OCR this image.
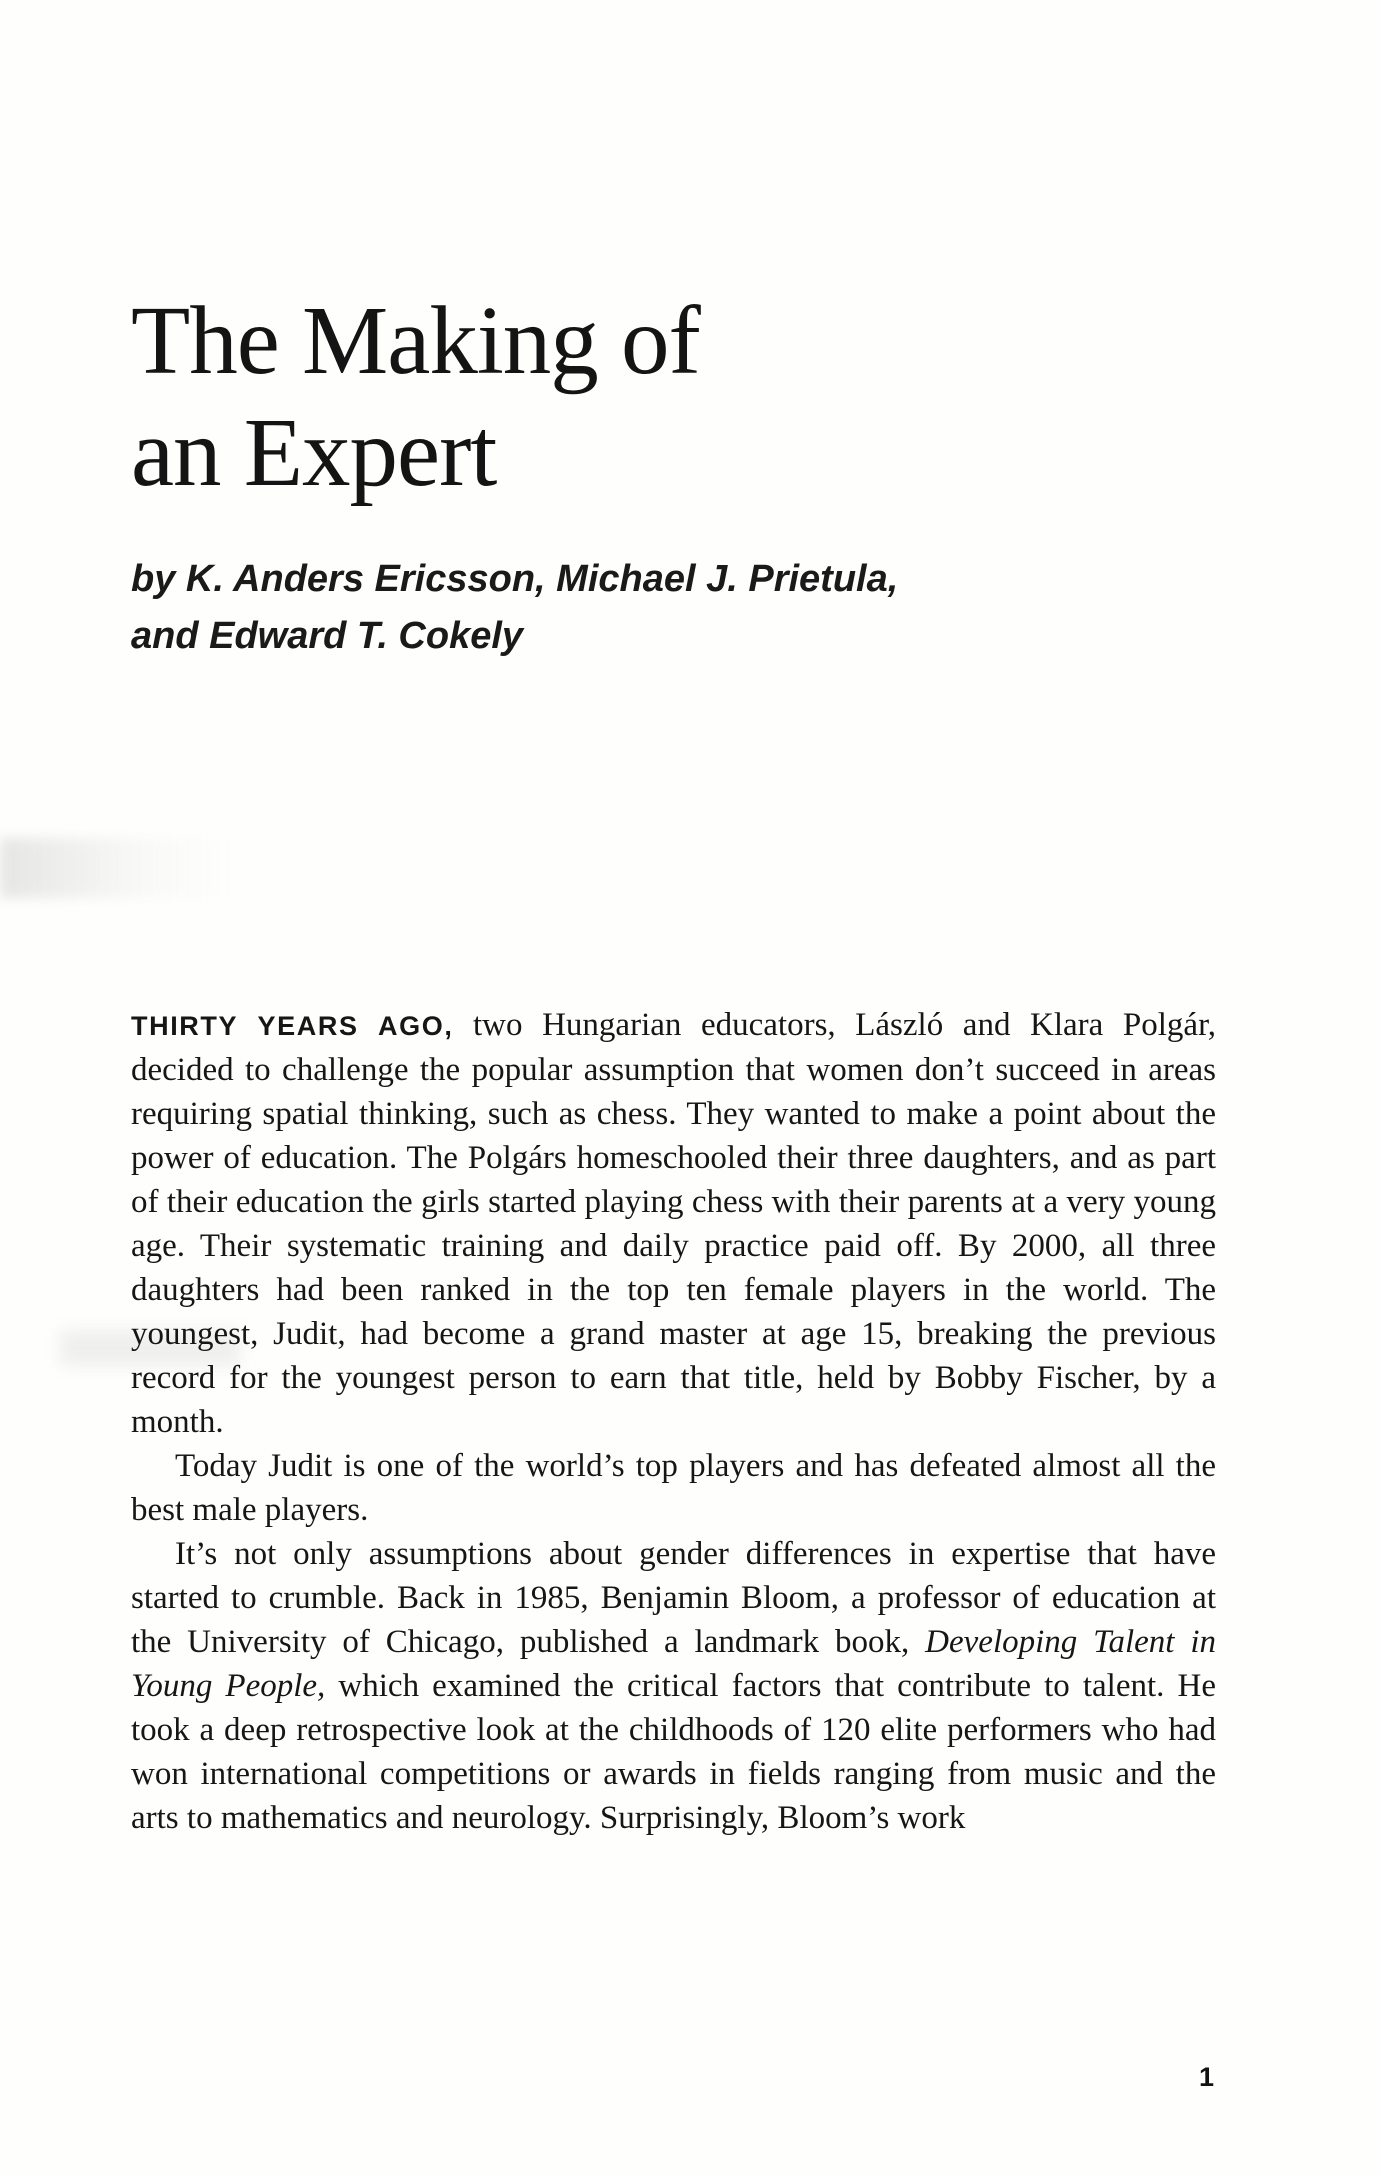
The Making of
an Expert
by K. Anders Ericsson, Michael J. Prietula,
and Edward T. Cokely

THIRTY YEARS AGO, two Hungarian educators, László and Klara Polgár, decided to challenge the popular assumption that women don’t succeed in areas requiring spatial thinking, such as chess. They wanted to make a point about the power of education. The Polgárs homeschooled their three daughters, and as part of their education the girls started playing chess with their parents at a very young age. Their systematic training and daily practice paid off. By 2000, all three daughters had been ranked in the top ten female players in the world. The youngest, Judit, had become a grand master at age 15, breaking the previous record for the youngest person to earn that title, held by Bobby Fischer, by a month.

Today Judit is one of the world’s top players and has defeated almost all the best male players.

It’s not only assumptions about gender differences in expertise that have started to crumble. Back in 1985, Benjamin Bloom, a professor of education at the University of Chicago, published a landmark book, Developing Talent in Young People, which examined the critical factors that contribute to talent. He took a deep retrospective look at the childhoods of 120 elite performers who had won international competitions or awards in fields ranging from music and the arts to mathematics and neurology. Surprisingly, Bloom’s work

1
